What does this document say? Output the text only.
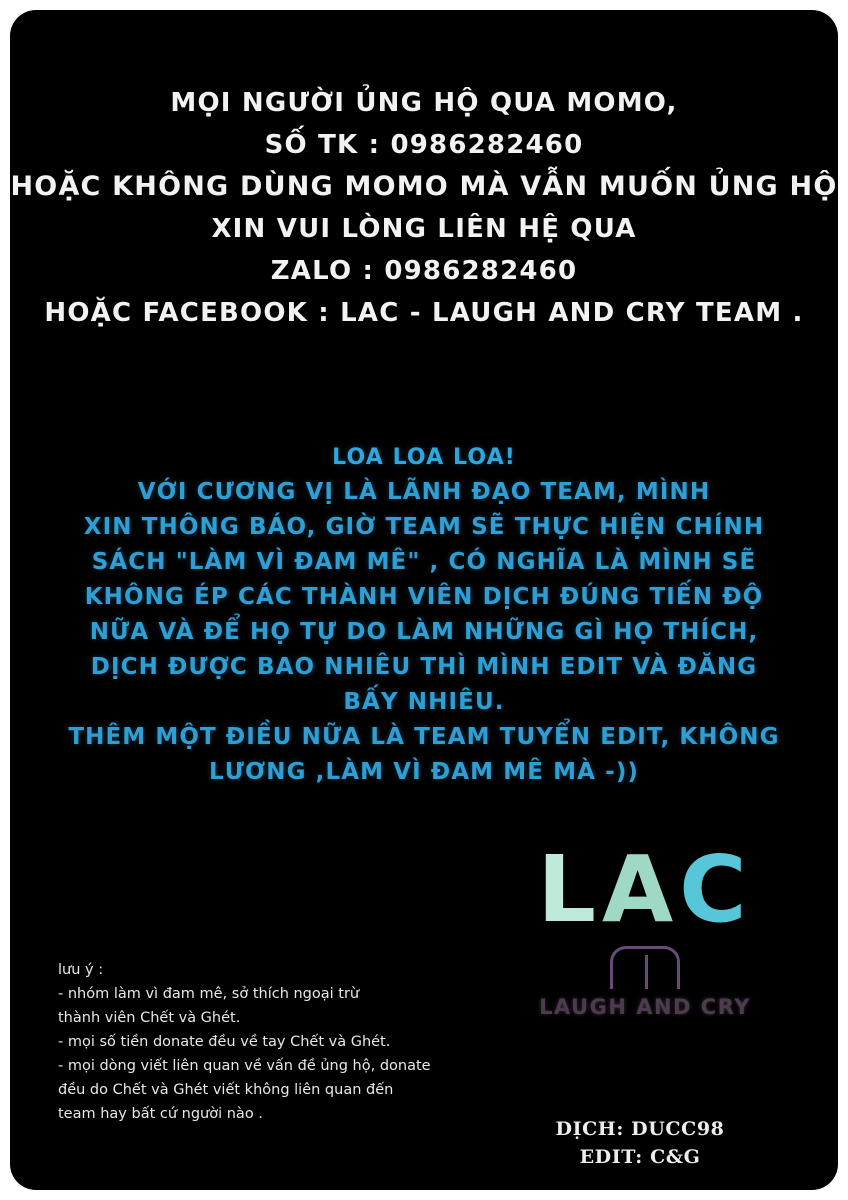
MỌI NGƯỜI ỦNG HỘ QUA MOMO,
SỐ TK : 0986282460
HOẶC KHÔNG DÙNG MOMO MÀ VẪN MUỐN ỦNG HỘ
XIN VUI LÒNG LIÊN HỆ QUA
ZALO : 0986282460
HOẶC FACEBOOK : LAC - LAUGH AND CRY TEAM .
LOA LOA LOA!
VỚI CƯƠNG VỊ LÀ LÃNH ĐẠO TEAM, MÌNH
XIN THÔNG BÁO, GIỜ TEAM SẼ THỰC HIỆN CHÍNH
SÁCH "LÀM VÌ ĐAM MÊ" , CÓ NGHĨA LÀ MÌNH SẼ
KHÔNG ÉP CÁC THÀNH VIÊN DỊCH ĐÚNG TIẾN ĐỘ
NỮA VÀ ĐỂ HỌ TỰ DO LÀM NHỮNG GÌ HỌ THÍCH,
DỊCH ĐƯỢC BAO NHIÊU THÌ MÌNH EDIT VÀ ĐĂNG
BẤY NHIÊU.
THÊM MỘT ĐIỀU NỮA LÀ TEAM TUYỂN EDIT, KHÔNG
LƯƠNG ,LÀM VÌ ĐAM MÊ MÀ -))
lưu ý :
- nhóm làm vì đam mê, sở thích ngoại trừ
thành viên Chết và Ghét.
- mọi số tiền donate đều về tay Chết và Ghét.
- mọi dòng viết liên quan về vấn đề ủng hộ, donate
đều do Chết và Ghét viết không liên quan đến
team hay bất cứ người nào .
LAC
LAUGH AND CRY
DỊCH: DUCC98
EDIT: C&G
